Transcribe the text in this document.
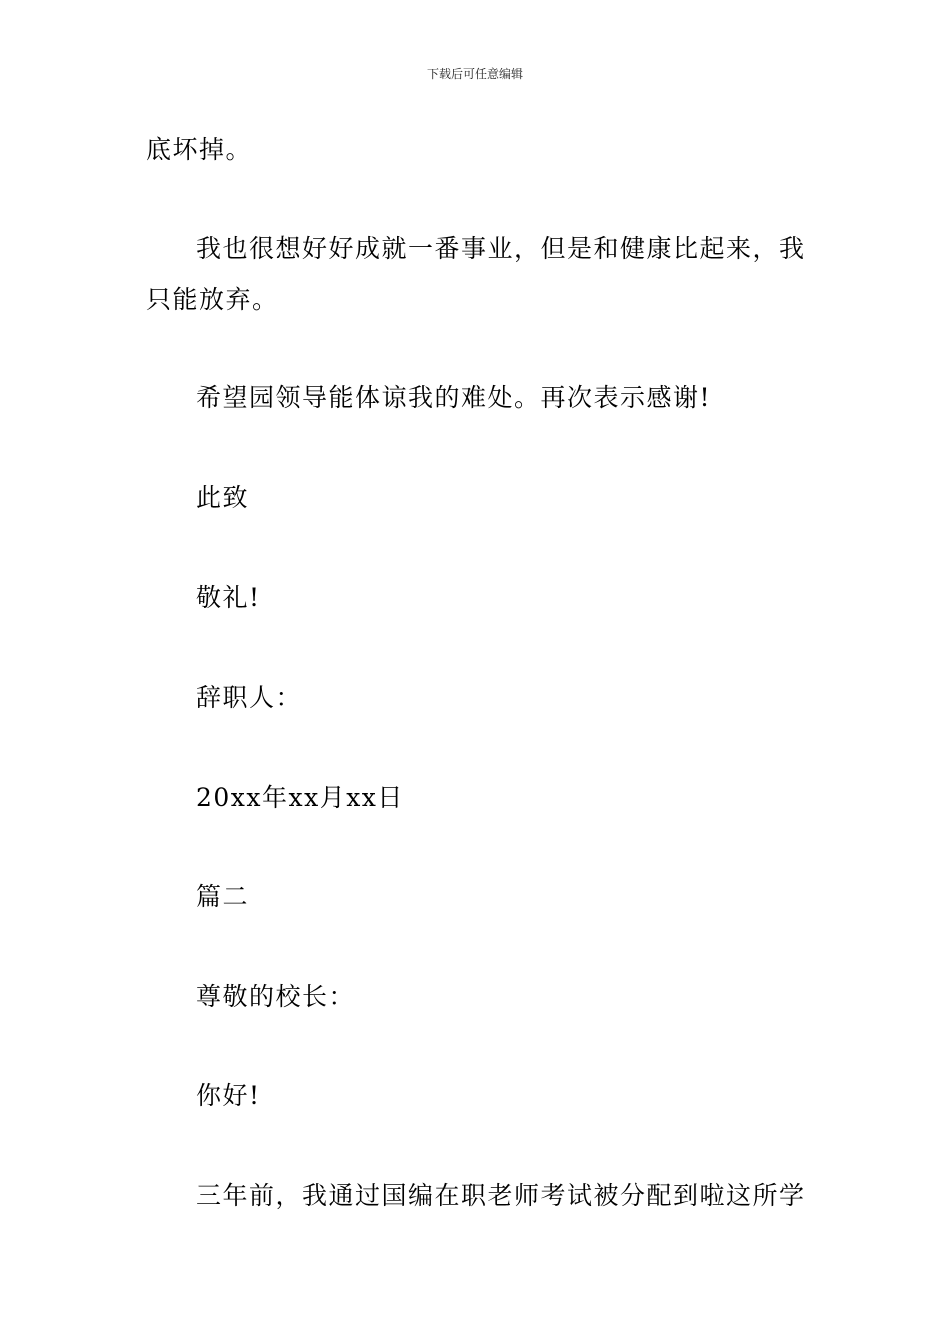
下载后可任意编辑
底坏掉。
我也很想好好成就一番事业，但是和健康比起来，我
只能放弃。
希望园领导能体谅我的难处。再次表示感谢!
此致
敬礼!
辞职人：
20xx年xx月xx日
篇二
尊敬的校长：
你好!
三年前，我通过国编在职老师考试被分配到啦这所学
